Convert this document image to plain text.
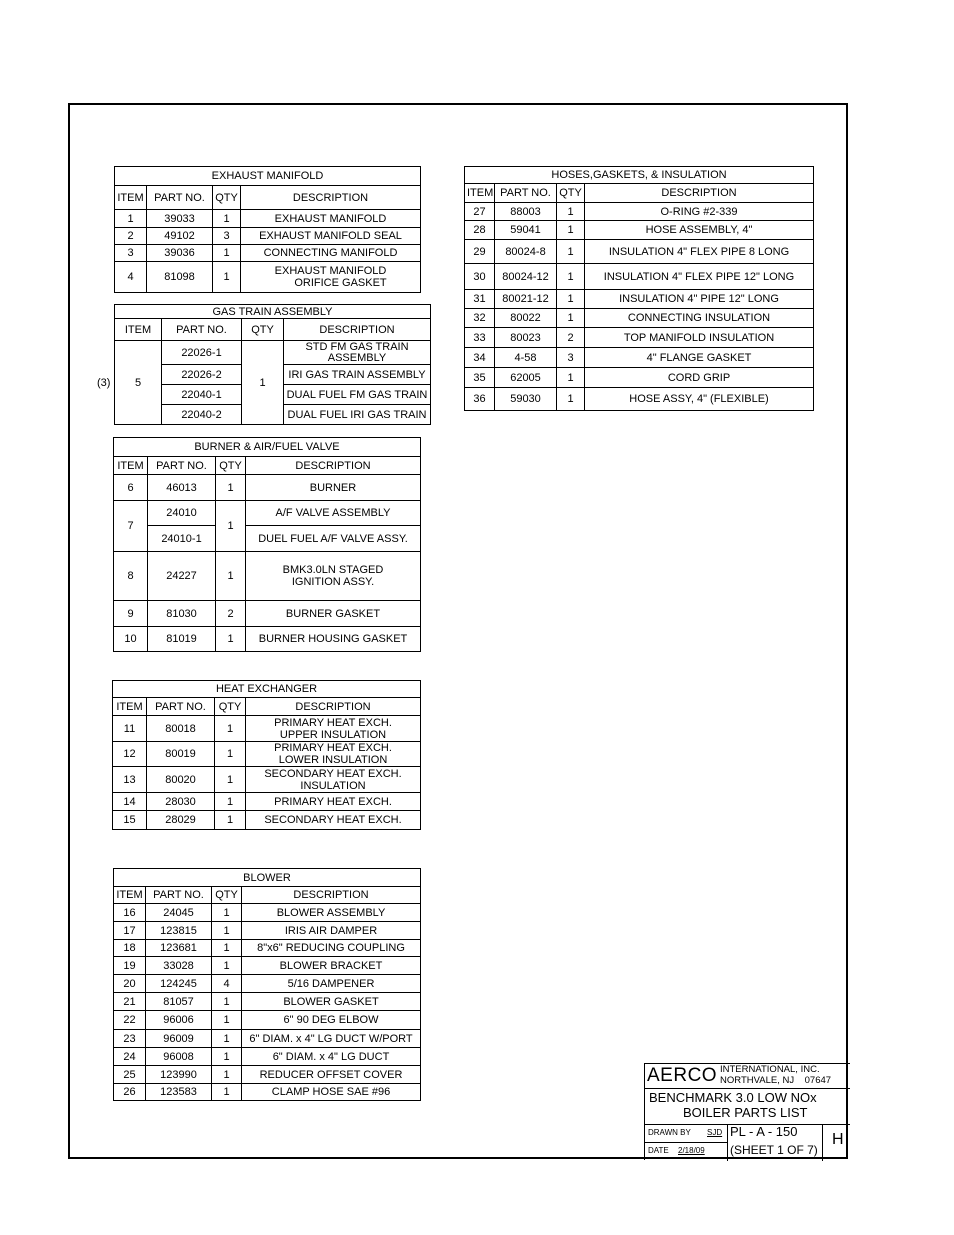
EXHAUST MANIFOLD			
ITEM	PART NO.	QTY	DESCRIPTION
1	39033	1	EXHAUST MANIFOLD
2	49102	3	EXHAUST MANIFOLD SEAL
3	39036	1	CONNECTING MANIFOLD
4	81098	1	EXHAUST MANIFOLD
ORIFICE GASKET
(3)
GAS TRAIN ASSEMBLY			
ITEM	PART NO.	QTY	DESCRIPTION
5	22026-1	1	STD FM GAS TRAIN
ASSEMBLY

	22026-2		IRI GAS TRAIN ASSEMBLY
	22040-1		DUAL FUEL FM GAS TRAIN
	22040-2		DUAL FUEL IRI GAS TRAIN
BURNER & AIR/FUEL VALVE			
ITEM	PART NO.	QTY	DESCRIPTION
6	46013	1	BURNER
7	24010	1	A/F VALVE ASSEMBLY
	24010-1		DUEL FUEL A/F VALVE ASSY.
8	24227	1	BMK3.0LN STAGED
IGNITION ASSY.

9	81030	2	BURNER GASKET
10	81019	1	BURNER HOUSING GASKET
HEAT EXCHANGER			
ITEM	PART NO.	QTY	DESCRIPTION
11	80018	1	PRIMARY HEAT EXCH.
UPPER INSULATION

12	80019	1	PRIMARY HEAT EXCH.
LOWER INSULATION

13	80020	1	SECONDARY HEAT EXCH.
INSULATION

14	28030	1	PRIMARY HEAT EXCH.
15	28029	1	SECONDARY HEAT EXCH.
BLOWER			
ITEM	PART NO.	QTY	DESCRIPTION
16	24045	1	BLOWER ASSEMBLY
17	123815	1	IRIS AIR DAMPER
18	123681	1	8"x6" REDUCING COUPLING
19	33028	1	BLOWER BRACKET
20	124245	4	5/16 DAMPENER
21	81057	1	BLOWER GASKET
22	96006	1	6" 90 DEG ELBOW
23	96009	1	6" DIAM. x 4" LG DUCT W/PORT
24	96008	1	6" DIAM. x 4" LG DUCT
25	123990	1	REDUCER OFFSET COVER
26	123583	1	CLAMP HOSE SAE #96
HOSES,GASKETS, & INSULATION			
ITEM	PART NO.	QTY	DESCRIPTION
27	88003	1	O-RING #2-339
28	59041	1	HOSE ASSEMBLY, 4"
29	80024-8	1	INSULATION 4" FLEX PIPE 8 LONG
30	80024-12	1	INSULATION 4" FLEX PIPE 12" LONG
31	80021-12	1	INSULATION 4" PIPE 12" LONG
32	80022	1	CONNECTING INSULATION
33	80023	2	TOP MANIFOLD INSULATION
34	4-58	3	4" FLANGE GASKET
35	62005	1	CORD GRIP
36	59030	1	HOSE ASSY, 4" (FLEXIBLE)
AERCO INTERNATIONAL, INC.
NORTHVALE, NJ    07647
BENCHMARK 3.0 LOW NOx
BOILER PARTS LIST
DRAWN BY SJD
DATE 2/18/09
PL - A - 150
(SHEET 1 OF 7)
H
